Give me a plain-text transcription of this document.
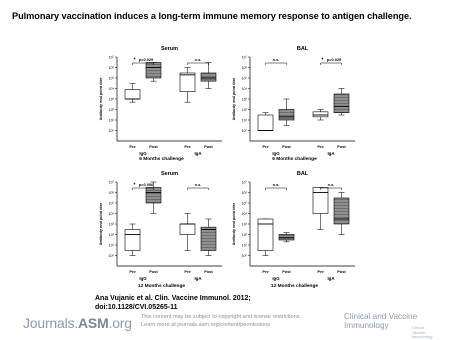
Pulmonary vaccination induces a long-term immune memory response to antigen challenge.
Serum
10⁰
10¹
10²
10³
10⁴
10⁵
10⁶
10⁷
Antibody end point titre
Pre	Post	Pre	Post
IgG	IgA
6 Months challenge
* p=0.029	n.s.
BAL
10⁰
10¹
10²
10³
10⁴
10⁵
10⁶
10⁷
Antibody end point titre
Pre	Post	Pre	Post
IgG	IgA
6 Months challenge
n.s.	* p=0.029
Serum
10⁰
10¹
10²
10³
10⁴
10⁵
10⁶
10⁷
Antibody end point titre
Pre	Post	Pre	Post
IgG	IgA
12 Months challenge
* p=0.006	n.s.
BAL
10⁰
10¹
10²
10³
10⁴
10⁵
10⁶
10⁷
Antibody end point titre
Pre	Post	Pre	Post
IgG	IgA
12 Months challenge
n.s.	n.s.
Ana Vujanic et al. Clin. Vaccine Immunol. 2012;
doi:10.1128/CVI.05265-11
Journals.ASM.org This content may be subject to copyright and license restrictions.
Learn more at journals.asm.org/content/permissions
Clinical and Vaccine
Immunology	Clinical
Vaccine
Immunology
